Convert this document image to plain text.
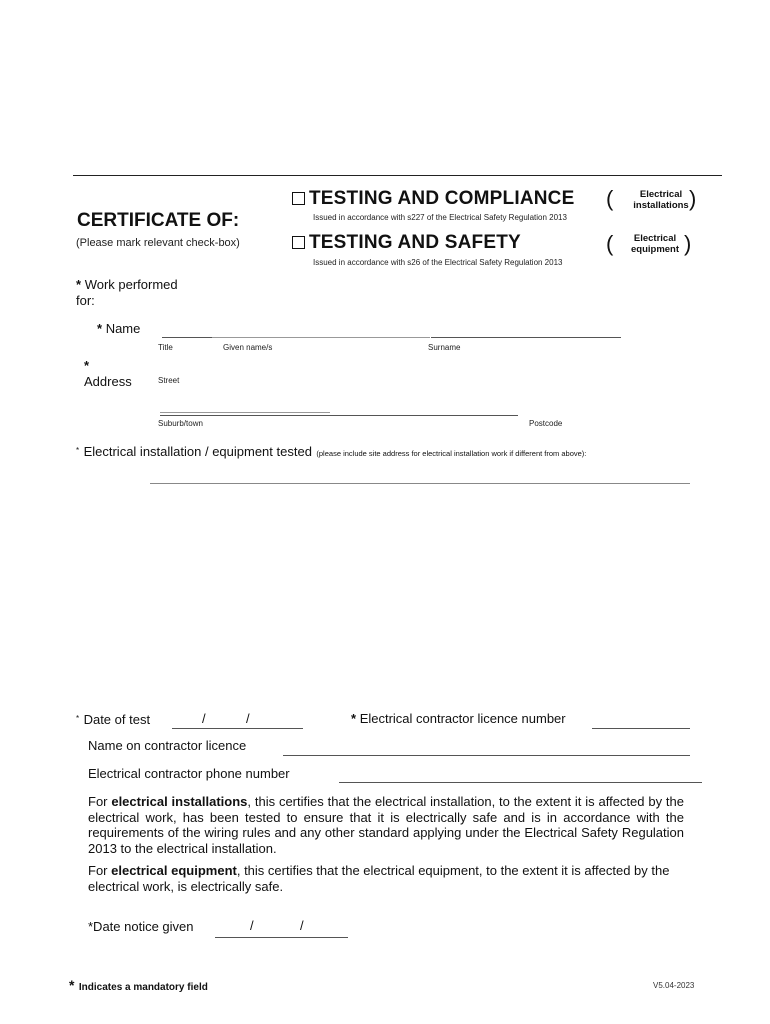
CERTIFICATE OF:
(Please mark relevant check-box)
TESTING AND COMPLIANCE
Issued in accordance with s227 of the Electrical Safety Regulation 2013
(	Electrical
installations )
TESTING AND SAFETY
Issued in accordance with s26 of the Electrical Safety Regulation 2013
(	Electrical
equipment )
* Work performed
for:
* Name
Title	Given name/s	Surname
*
Address	Street
Suburb/town	Postcode
* Electrical installation / equipment tested (please include site address for electrical installation work if different from above):
* Date of test	/	/	* Electrical contractor licence number
Name on contractor licence
Electrical contractor phone number
For electrical installations, this certifies that the electrical installation, to the extent it is affected by the electrical work, has been tested to ensure that it is electrically safe and is in accordance with the requirements of the wiring rules and any other standard applying under the Electrical Safety Regulation 2013 to the electrical installation.
For electrical equipment, this certifies that the electrical equipment, to the extent it is affected by the electrical work, is electrically safe.
*Date notice given	/	/
* Indicates a mandatory field	V5.04-2023
